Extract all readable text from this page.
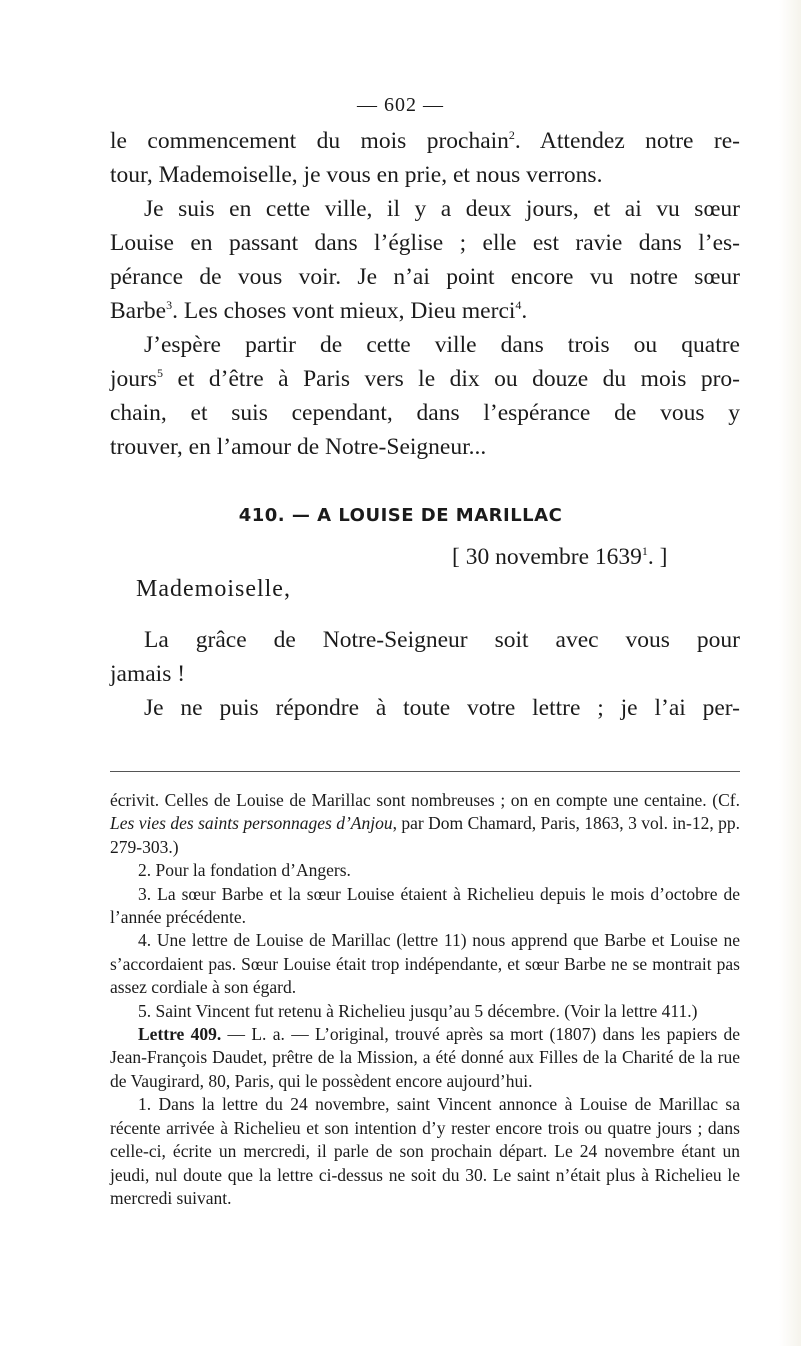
— 602 —

le commencement du mois prochain$^2$. Attendez notre re-

tour, Mademoiselle, je vous en prie, et nous verrons.

Je suis en cette ville, il y a deux jours, et ai vu sœur

Louise en passant dans l’église ; elle est ravie dans l’es-

pérance de vous voir. Je n’ai point encore vu notre sœur

Barbe$^3$. Les choses vont mieux, Dieu merci$^4$.

J’espère partir de cette ville dans trois ou quatre

jours$^5$ et d’être à Paris vers le dix ou douze du mois pro-

chain, et suis cependant, dans l’espérance de vous y

trouver, en l’amour de Notre-Seigneur...

410. — A LOUISE DE MARILLAC
[ 30 novembre 1639$^1$. ]
Mademoiselle,

La grâce de Notre-Seigneur soit avec vous pour

jamais !

Je ne puis répondre à toute votre lettre ; je l’ai per-

écrivit. Celles de Louise de Marillac sont nombreuses ; on en compte une centaine. (Cf. Les vies des saints personnages d’Anjou, par Dom Chamard, Paris, 1863, 3 vol. in-12, pp. 279-303.)

2. Pour la fondation d’Angers.

3. La sœur Barbe et la sœur Louise étaient à Richelieu depuis le mois d’octobre de l’année précédente.

4. Une lettre de Louise de Marillac (lettre 11) nous apprend que Barbe et Louise ne s’accordaient pas. Sœur Louise était trop indépendante, et sœur Barbe ne se montrait pas assez cordiale à son égard.

5. Saint Vincent fut retenu à Richelieu jusqu’au 5 décembre. (Voir la lettre 411.)

Lettre 409. — L. a. — L’original, trouvé après sa mort (1807) dans les papiers de Jean-François Daudet, prêtre de la Mission, a été donné aux Filles de la Charité de la rue de Vaugirard, 80, Paris, qui le possèdent encore aujourd’hui.

1. Dans la lettre du 24 novembre, saint Vincent annonce à Louise de Marillac sa récente arrivée à Richelieu et son intention d’y rester encore trois ou quatre jours ; dans celle-ci, écrite un mercredi, il parle de son prochain départ. Le 24 novembre étant un jeudi, nul doute que la lettre ci-dessus ne soit du 30. Le saint n’était plus à Richelieu le mercredi suivant.
